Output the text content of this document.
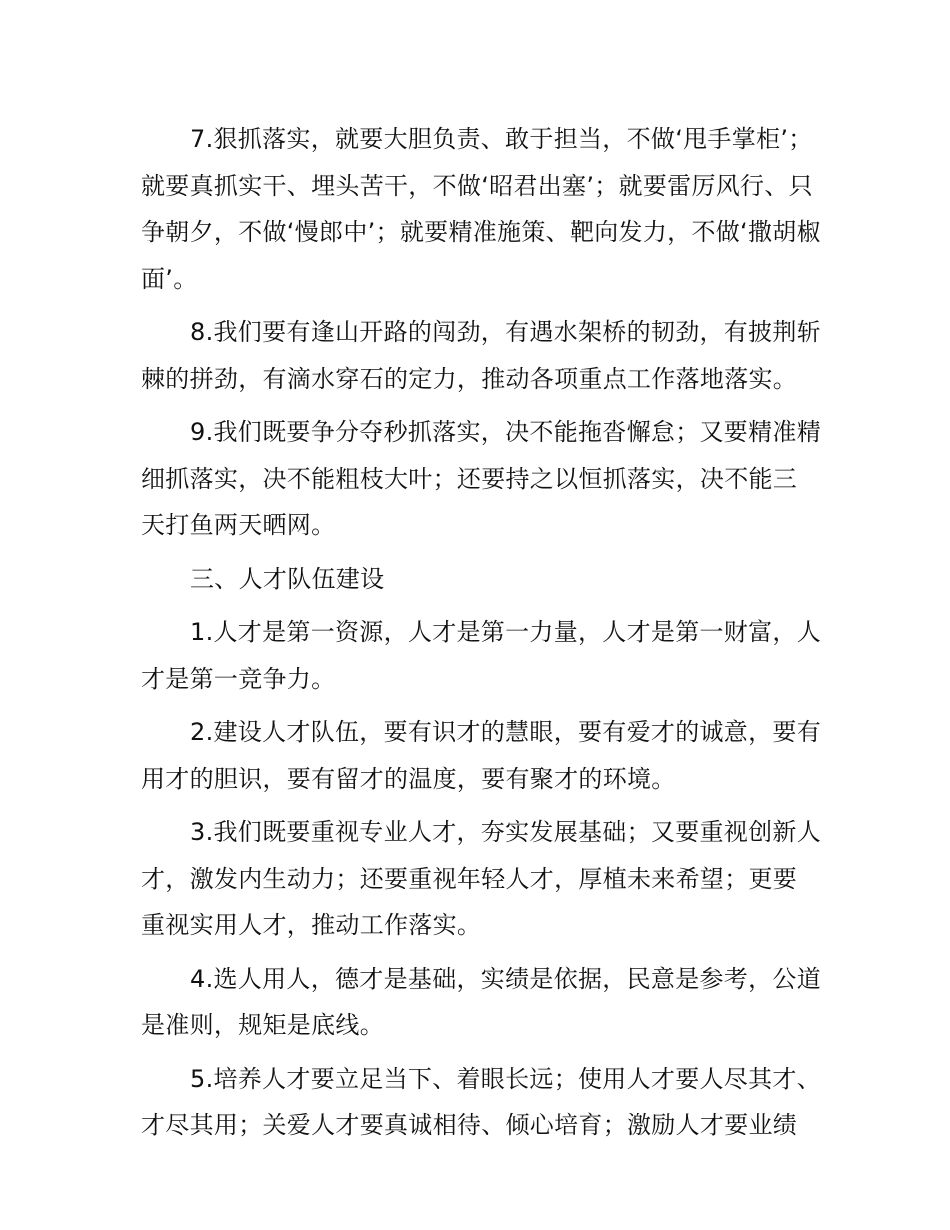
7.狠抓落实，就要大胆负责、敢于担当，不做‘甩手掌柜’；就要真抓实干、埋头苦干，不做‘昭君出塞’；就要雷厉风行、只争朝夕，不做‘慢郎中’；就要精准施策、靶向发力，不做‘撒胡椒面’。

8.我们要有逢山开路的闯劲，有遇水架桥的韧劲，有披荆斩棘的拼劲，有滴水穿石的定力，推动各项重点工作落地落实。

9.我们既要争分夺秒抓落实，决不能拖沓懈怠；又要精准精细抓落实，决不能粗枝大叶；还要持之以恒抓落实，决不能三天打鱼两天晒网。

三、人才队伍建设

1.人才是第一资源，人才是第一力量，人才是第一财富，人才是第一竞争力。

2.建设人才队伍，要有识才的慧眼，要有爱才的诚意，要有用才的胆识，要有留才的温度，要有聚才的环境。

3.我们既要重视专业人才，夯实发展基础；又要重视创新人才，激发内生动力；还要重视年轻人才，厚植未来希望；更要重视实用人才，推动工作落实。

4.选人用人，德才是基础，实绩是依据，民意是参考，公道是准则，规矩是底线。

5.培养人才要立足当下、着眼长远；使用人才要人尽其才、才尽其用；关爱人才要真诚相待、倾心培育；激励人才要业绩
